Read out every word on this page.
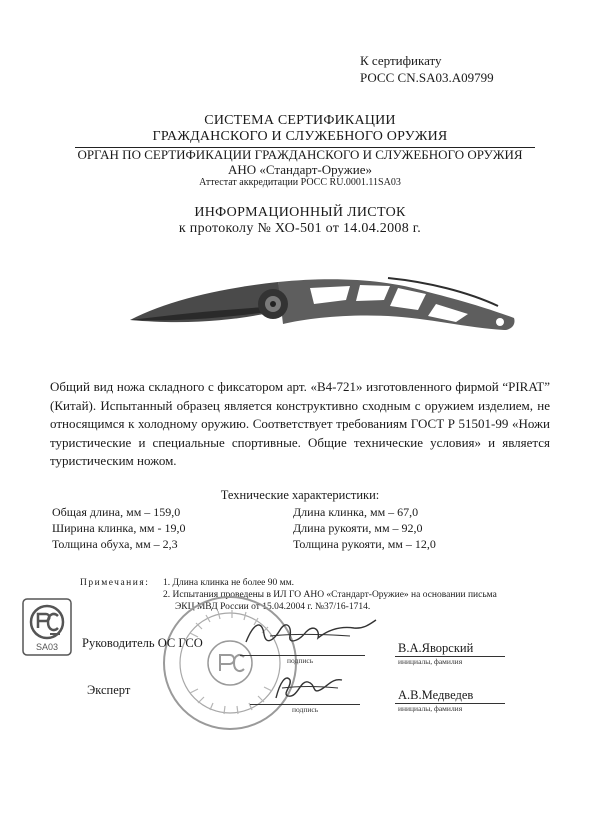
К сертификату
РОСС CN.SA03.A09799
СИСТЕМА СЕРТИФИКАЦИИ
ГРАЖДАНСКОГО И СЛУЖЕБНОГО ОРУЖИЯ
ОРГАН ПО СЕРТИФИКАЦИИ ГРАЖДАНСКОГО И СЛУЖЕБНОГО ОРУЖИЯ
АНО «Стандарт-Оружие»
Аттестат аккредитации РОСС RU.0001.11SA03
ИНФОРМАЦИОННЫЙ ЛИСТОК
к протоколу № ХО-501 от 14.04.2008 г.
Общий вид ножа складного с фиксатором арт. «B4-721» изготовленного фирмой “PIRAT” (Китай). Испытанный образец является конструктивно сходным с оружием изделием, не относящимся к холодному оружию. Соответствует требованиям ГОСТ Р 51501-99 «Ножи туристические и специальные спортивные. Общие технические условия» и является туристическим ножом.
Технические характеристики:
Общая длина, мм – 159,0
Ширина клинка, мм - 19,0
Толщина обуха, мм – 2,3
Длина клинка, мм – 67,0
Длина рукояти, мм – 92,0
Толщина рукояти, мм – 12,0
Примечания: 1. Длина клинка не более 90 мм.
2. Испытания проведены в ИЛ ГО АНО «Стандарт-Оружие» на основании письма
ЭКЦ МВД России от 15.04.2004 г. №37/16-1714.
SA03	Руководитель ОС ГСО
подпись
В.А.Яворский
инициалы, фамилия
Эксперт
подпись
А.В.Медведев
инициалы, фамилия
